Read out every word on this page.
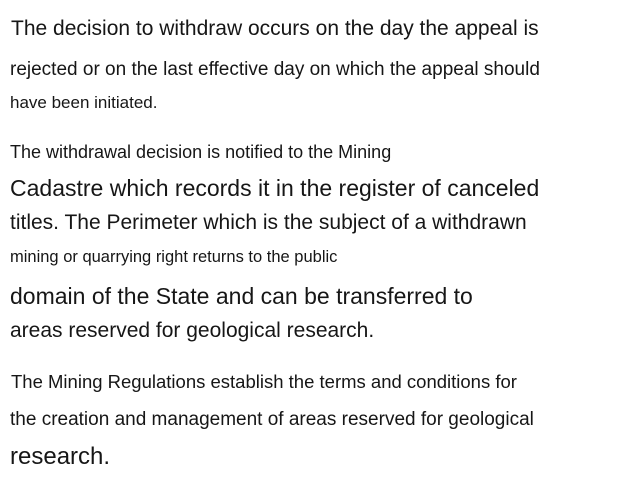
The decision to withdraw occurs on the day the appeal is

rejected or on the last effective day on which the appeal should

have been initiated.

The withdrawal decision is notified to the Mining

Cadastre which records it in the register of canceled

titles. The Perimeter which is the subject of a withdrawn

mining or quarrying right returns to the public

domain of the State and can be transferred to

areas reserved for geological research.

The Mining Regulations establish the terms and conditions for

the creation and management of areas reserved for geological

research.
